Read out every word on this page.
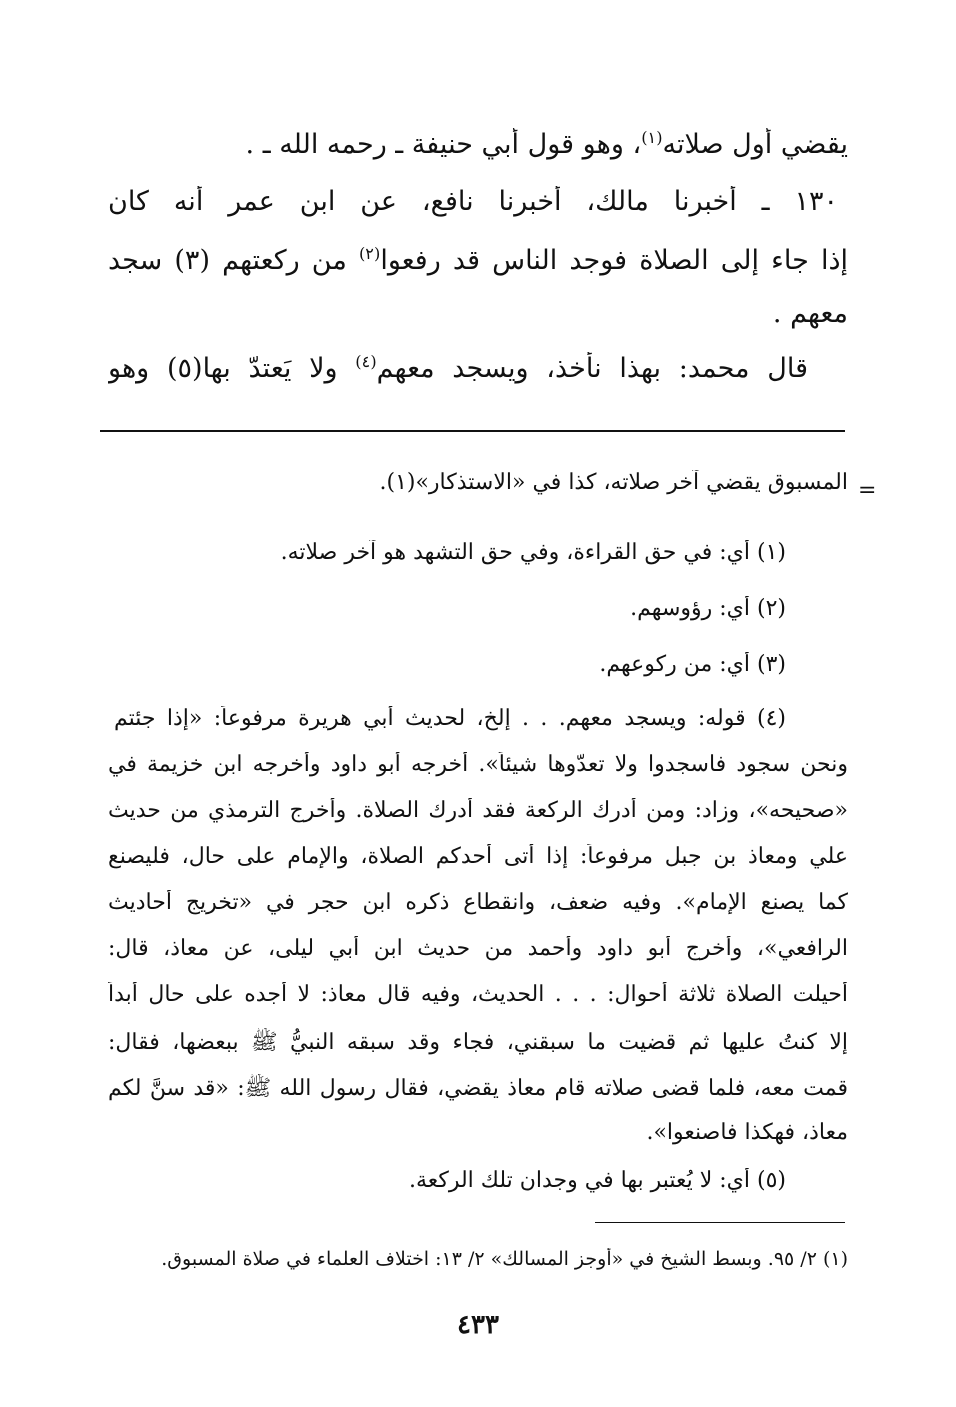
يقضي أول صلاته$^{(١)}$، وهو قول أبي حنيفة ـ رحمه الله ـ .
١٣٠ ـ أخبرنا مالك، أخبرنا نافع، عن ابن عمر أنه كان
إذا جاء إلى الصلاة فوجد الناس قد رفعوا$^{(٢)}$ من ركعتهم (٣) سجد
معهم .
قال محمد: بهذا نأخذ، ويسجد معهم$^{(٤)}$ ولا يَعتدّ بها(٥) وهو
=
المسبوق يقضي آخر صلاته، كذا في «الاستذكار»(١).
(١) أي: في حق القراءة، وفي حق التشهد هو آخر صلاته.
(٢) أي: رؤوسهم.
(٣) أي: من ركوعهم.
(٤) قوله: ويسجد معهم. . . إلخ، لحديث أبي هريرة مرفوعاً: «إذا جئتم
ونحن سجود فاسجدوا ولا تعدّوها شيئاً». أخرجه أبو داود وأخرجه ابن خزيمة في
«صحيحه»، وزاد: ومن أدرك الركعة فقد أدرك الصلاة. وأخرج الترمذي من حديث
علي ومعاذ بن جبل مرفوعاً: إذا أتى أحدكم الصلاة، والإمام على حال، فليصنع
كما يصنع الإمام». وفيه ضعف، وانقطاع ذكره ابن حجر في «تخريج أحاديث
الرافعي»، وأخرج أبو داود وأحمد من حديث ابن أبي ليلى، عن معاذ، قال:
أُحيلت الصلاة ثلاثة أحوال: . . . الحديث، وفيه قال معاذ: لا أجده على حال أبداً
إلا كنتُ عليها ثم قضيت ما سبقني، فجاء وقد سبقه النبيُّ ﷺ ببعضها، فقال:
قمت معه، فلما قضى صلاته قام معاذ يقضي، فقال رسول الله ﷺ: «قد سنَّ لكم
معاذ، فهكذا فاصنعوا».
(٥) أي: لا يُعتبر بها في وجدان تلك الركعة.
(١) ٢/ ٩٥. وبسط الشيخ في «أوجز المسالك» ٢/ ١٣: اختلاف العلماء في صلاة المسبوق.
٤٣٣
